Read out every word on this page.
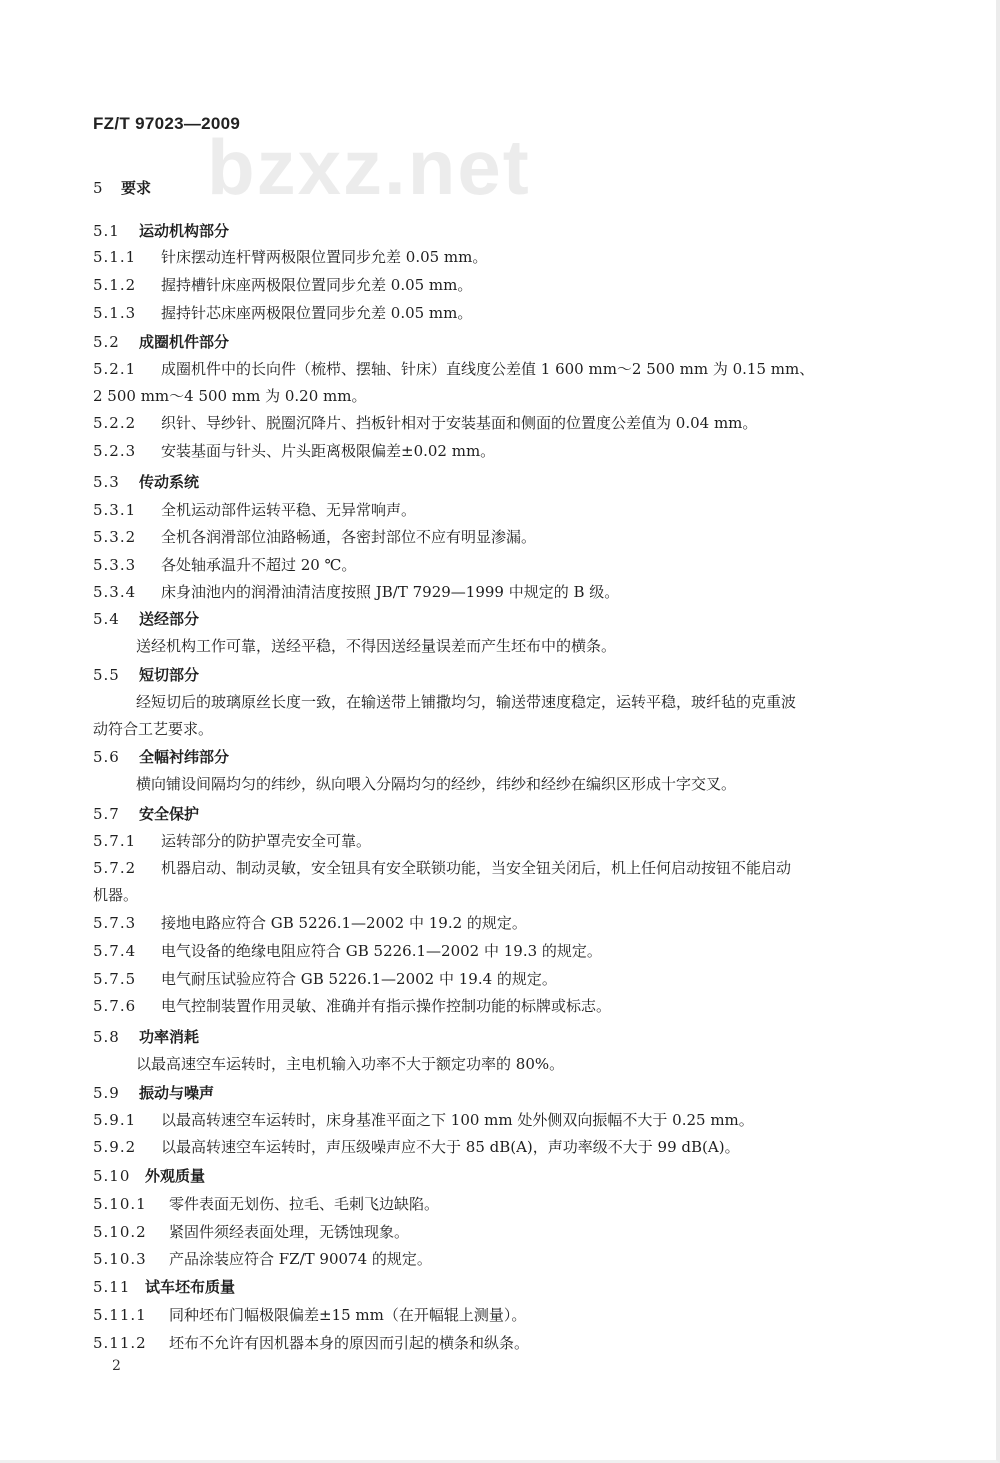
FZ/T 97023—2009
bzxz.net
5 要求
5.1 运动机构部分
5.1.1 针床摆动连杆臂两极限位置同步允差 0.05 mm。
5.1.2 握持槽针床座两极限位置同步允差 0.05 mm。
5.1.3 握持针芯床座两极限位置同步允差 0.05 mm。
5.2 成圈机件部分
5.2.1 成圈机件中的长向件（梳栉、摆轴、针床）直线度公差值 1 600 mm～2 500 mm 为 0.15 mm、
2 500 mm～4 500 mm 为 0.20 mm。
5.2.2 织针、导纱针、脱圈沉降片、挡板针相对于安装基面和侧面的位置度公差值为 0.04 mm。
5.2.3 安装基面与针头、片头距离极限偏差±0.02 mm。
5.3 传动系统
5.3.1 全机运动部件运转平稳、无异常响声。
5.3.2 全机各润滑部位油路畅通，各密封部位不应有明显渗漏。
5.3.3 各处轴承温升不超过 20 ℃。
5.3.4 床身油池内的润滑油清洁度按照 JB/T 7929—1999 中规定的 B 级。
5.4 送经部分
送经机构工作可靠，送经平稳，不得因送经量误差而产生坯布中的横条。
5.5 短切部分
经短切后的玻璃原丝长度一致，在输送带上铺撒均匀，输送带速度稳定，运转平稳，玻纤毡的克重波
动符合工艺要求。
5.6 全幅衬纬部分
横向铺设间隔均匀的纬纱，纵向喂入分隔均匀的经纱，纬纱和经纱在编织区形成十字交叉。
5.7 安全保护
5.7.1 运转部分的防护罩壳安全可靠。
5.7.2 机器启动、制动灵敏，安全钮具有安全联锁功能，当安全钮关闭后，机上任何启动按钮不能启动
机器。
5.7.3 接地电路应符合 GB 5226.1—2002 中 19.2 的规定。
5.7.4 电气设备的绝缘电阻应符合 GB 5226.1—2002 中 19.3 的规定。
5.7.5 电气耐压试验应符合 GB 5226.1—2002 中 19.4 的规定。
5.7.6 电气控制装置作用灵敏、准确并有指示操作控制功能的标牌或标志。
5.8 功率消耗
以最高速空车运转时，主电机输入功率不大于额定功率的 80%。
5.9 振动与噪声
5.9.1 以最高转速空车运转时，床身基准平面之下 100 mm 处外侧双向振幅不大于 0.25 mm。
5.9.2 以最高转速空车运转时，声压级噪声应不大于 85 dB(A)，声功率级不大于 99 dB(A)。
5.10 外观质量
5.10.1 零件表面无划伤、拉毛、毛刺飞边缺陷。
5.10.2 紧固件须经表面处理，无锈蚀现象。
5.10.3 产品涂装应符合 FZ/T 90074 的规定。
5.11 试车坯布质量
5.11.1 同种坯布门幅极限偏差±15 mm（在开幅辊上测量）。
5.11.2 坯布不允许有因机器本身的原因而引起的横条和纵条。
2
